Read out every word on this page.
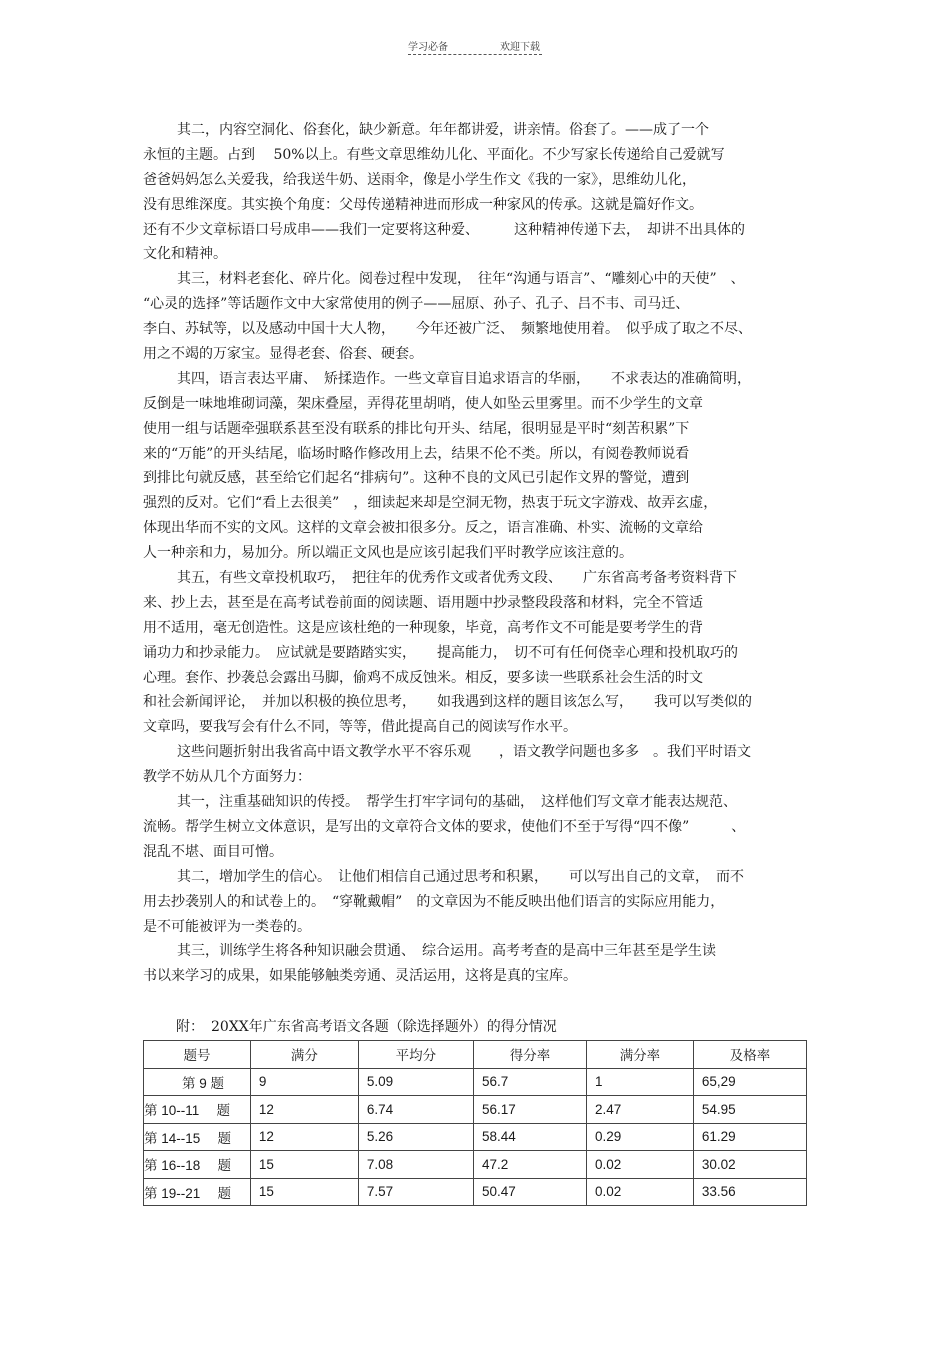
学习必备	欢迎下载
其二，内容空洞化、俗套化，缺少新意。年年都讲爱，讲亲情。俗套了。——成了一个
永恒的主题。占到　 50%以上。有些文章思维幼儿化、平面化。不少写家长传递给自己爱就写
爸爸妈妈怎么关爱我，给我送牛奶、送雨伞，像是小学生作文《我的一家》，思维幼儿化，
没有思维深度。其实换个角度：父母传递精神进而形成一种家风的传承。这就是篇好作文。
还有不少文章标语口号成串——我们一定要将这种爱、　　　这种精神传递下去，　却讲不出具体的
文化和精神。
其三，材料老套化、碎片化。阅卷过程中发现，　往年“沟通与语言”、“雕刻心中的天使”　、
“心灵的选择”等话题作文中大家常使用的例子——屈原、孙子、孔子、吕不韦、司马迁、
李白、苏轼等，以及感动中国十大人物，　　今年还被广泛、　频繁地使用着。　似乎成了取之不尽、
用之不竭的万家宝。显得老套、俗套、硬套。
其四，语言表达平庸、　矫揉造作。一些文章盲目追求语言的华丽，　　不求表达的准确简明，
反倒是一味地堆砌词藻，架床叠屋，弄得花里胡哨，使人如坠云里雾里。而不少学生的文章
使用一组与话题牵强联系甚至没有联系的排比句开头、结尾，很明显是平时“刻苦积累”下
来的“万能”的开头结尾，临场时略作修改用上去，结果不伦不类。所以，有阅卷教师说看
到排比句就反感，甚至给它们起名“排病句”。这种不良的文风已引起作文界的警觉，遭到
强烈的反对。它们“看上去很美”　，细读起来却是空洞无物，热衷于玩文字游戏、故弄玄虚，
体现出华而不实的文风。这样的文章会被扣很多分。反之，语言准确、朴实、流畅的文章给
人一种亲和力，易加分。所以端正文风也是应该引起我们平时教学应该注意的。
其五，有些文章投机取巧，　把往年的优秀作文或者优秀文段、　　广东省高考备考资料背下
来、抄上去，甚至是在高考试卷前面的阅读题、语用题中抄录整段段落和材料，完全不管适
用不适用，毫无创造性。这是应该杜绝的一种现象，毕竟，高考作文不可能是要考学生的背
诵功力和抄录能力。　应试就是要踏踏实实，　　提高能力，　切不可有任何侥幸心理和投机取巧的
心理。套作、抄袭总会露出马脚，偷鸡不成反蚀米。相反，要多读一些联系社会生活的时文
和社会新闻评论，　并加以积极的换位思考，　　如我遇到这样的题目该怎么写，　　我可以写类似的
文章吗，要我写会有什么不同，等等，借此提高自己的阅读写作水平。
这些问题折射出我省高中语文教学水平不容乐观　　，语文教学问题也多多　。我们平时语文
教学不妨从几个方面努力：
其一，注重基础知识的传授。　帮学生打牢字词句的基础，　这样他们写文章才能表达规范、
流畅。帮学生树立文体意识，是写出的文章符合文体的要求，使他们不至于写得“四不像”　　　、
混乱不堪、面目可憎。
其二，增加学生的信心。　让他们相信自己通过思考和积累，　　可以写出自己的文章，　而不
用去抄袭别人的和试卷上的。　“穿靴戴帽”　的文章因为不能反映出他们语言的实际应用能力，
是不可能被评为一类卷的。
其三，训练学生将各种知识融会贯通、　综合运用。高考考查的是高中三年甚至是学生读
书以来学习的成果，如果能够触类旁通、灵活运用，这将是真的宝库。
附：　20XX年广东省高考语文各题（除选择题外）的得分情况
题号	满分	平均分	得分率	满分率	及格率
第 9 题	9	5.09	56.7	1	65,29
第 10--11　 题	12	6.74	56.17	2.47	54.95
第 14--15　 题	12	5.26	58.44	0.29	61.29
第 16--18　 题	15	7.08	47.2	0.02	30.02
第 19--21　 题	15	7.57	50.47	0.02	33.56
